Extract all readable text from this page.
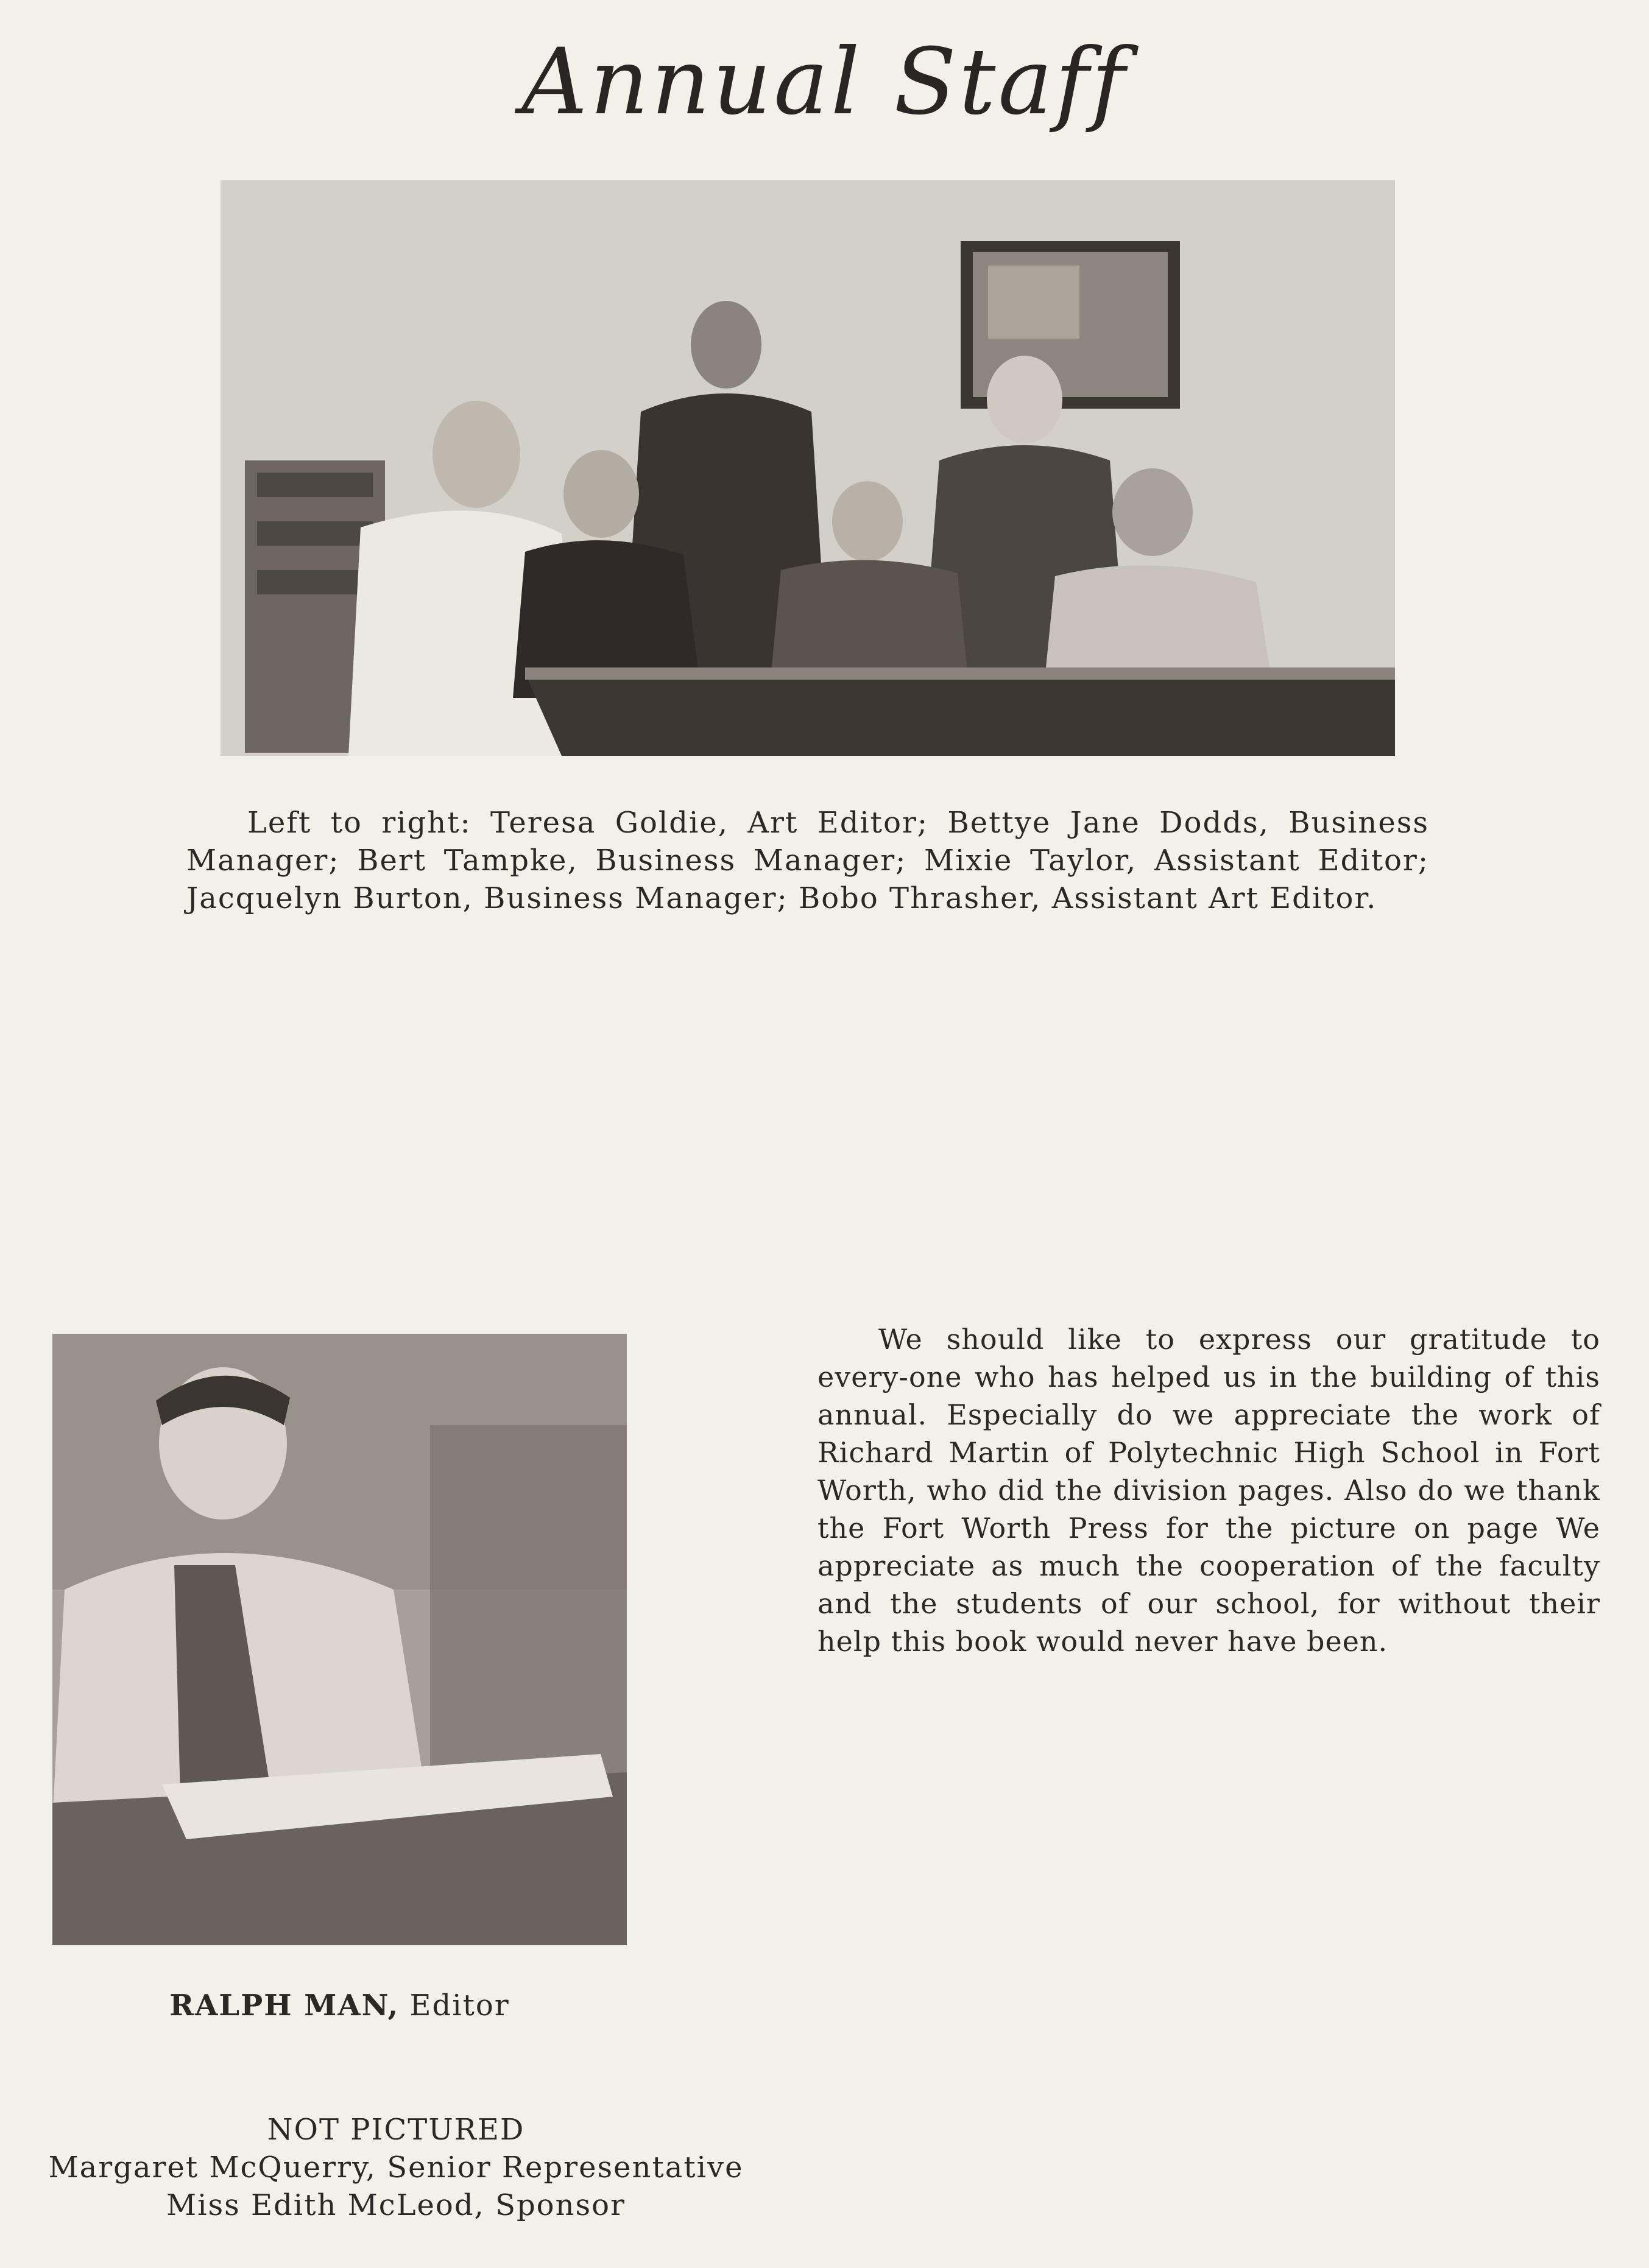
Annual Staff

Left to right: Teresa Goldie, Art Editor; Bettye Jane Dodds, Business Manager; Bert Tampke, Business Manager; Mixie Taylor, Assistant Editor; Jacquelyn Burton, Business Manager; Bobo Thrasher, Assistant Art Editor.

RALPH MAN, Editor

We should like to express our gratitude to every-one who has helped us in the building of this annual. Especially do we appreciate the work of Richard Martin of Polytechnic High School in Fort Worth, who did the division pages. Also do we thank the Fort Worth Press for the picture on page We appreciate as much the cooperation of the faculty and the students of our school, for without their help this book would never have been.

NOT PICTURED
Margaret McQuerry, Senior Representative
Miss Edith McLeod, Sponsor
